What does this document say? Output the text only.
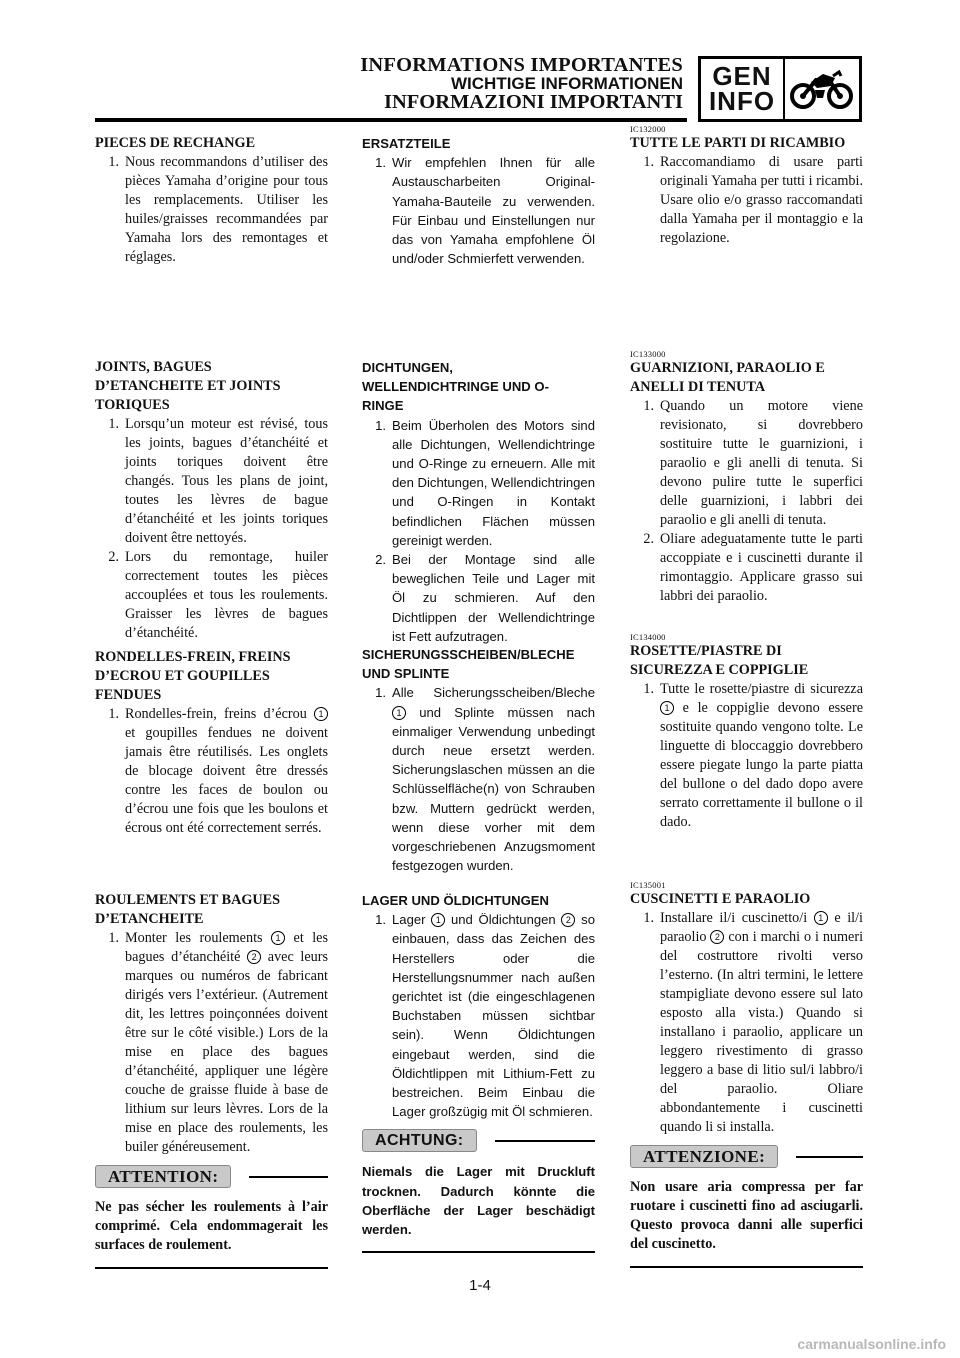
INFORMATIONS IMPORTANTES
WICHTIGE INFORMATIONEN
INFORMAZIONI IMPORTANTI
GEN
INFO
PIECES DE RECHANGE
1. Nous recommandons d’utiliser des pièces Yamaha d’origine pour tous les remplacements. Utiliser les huiles/graisses recommandées par Yamaha lors des remontages et réglages.
JOINTS, BAGUES
D’ETANCHEITE ET JOINTS
TORIQUES
1. Lorsqu’un moteur est révisé, tous les joints, bagues d’étanchéité et joints toriques doivent être changés. Tous les plans de joint, toutes les lèvres de bague d’étanchéité et les joints toriques doivent être nettoyés.
2. Lors du remontage, huiler correctement toutes les pièces accouplées et tous les roulements. Graisser les lèvres de bagues d’étanchéité.
RONDELLES-FREIN, FREINS
D’ECROU ET GOUPILLES
FENDUES
1. Rondelles-frein, freins d’écrou 1 et goupilles fendues ne doivent jamais être réutilisés. Les onglets de blocage doivent être dressés contre les faces de boulon ou d’écrou une fois que les boulons et écrous ont été correctement serrés.
ROULEMENTS ET BAGUES
D’ETANCHEITE
1. Monter les roulements 1 et les bagues d’étanchéité 2 avec leurs marques ou numéros de fabricant dirigés vers l’extérieur. (Autrement dit, les lettres poinçonnées doivent être sur le côté visible.) Lors de la mise en place des bagues d’étanchéité, appliquer une légère couche de graisse fluide à base de lithium sur leurs lèvres. Lors de la mise en place des roulements, les builer généreusement.
ATTENTION:
Ne pas sécher les roulements à l’air comprimé. Cela endommagerait les surfaces de roulement.
ERSATZTEILE
1. Wir empfehlen Ihnen für alle Austauscharbeiten Original-Yamaha-Bauteile zu verwenden. Für Einbau und Einstellungen nur das von Yamaha empfohlene Öl und/oder Schmierfett verwenden.
DICHTUNGEN,
WELLENDICHTRINGE UND O-
RINGE
1. Beim Überholen des Motors sind alle Dichtungen, Wellendichtringe und O-Ringe zu erneuern. Alle mit den Dichtungen, Wellendichtringen und O-Ringen in Kontakt befindlichen Flächen müssen gereinigt werden.
2. Bei der Montage sind alle beweglichen Teile und Lager mit Öl zu schmieren. Auf den Dichtlippen der Wellendichtringe ist Fett aufzutragen.
SICHERUNGSSCHEIBEN/BLECHE
UND SPLINTE
1. Alle Sicherungsscheiben/Bleche 1 und Splinte müssen nach einmaliger Verwendung unbedingt durch neue ersetzt werden. Sicherungslaschen müssen an die Schlüsselfläche(n) von Schrauben bzw. Muttern gedrückt werden, wenn diese vorher mit dem vorgeschriebenen Anzugsmoment festgezogen wurden.
LAGER UND ÖLDICHTUNGEN
1. Lager 1 und Öldichtungen 2 so einbauen, dass das Zeichen des Herstellers oder die Herstellungsnummer nach außen gerichtet ist (die eingeschlagenen Buchstaben müssen sichtbar sein). Wenn Öldichtungen eingebaut werden, sind die Öldichtlippen mit Lithium-Fett zu bestreichen. Beim Einbau die Lager großzügig mit Öl schmieren.
ACHTUNG:
Niemals die Lager mit Druckluft trocknen. Dadurch könnte die Oberfläche der Lager beschädigt werden.
IC132000
TUTTE LE PARTI DI RICAMBIO
1. Raccomandiamo di usare parti originali Yamaha per tutti i ricambi. Usare olio e/o grasso raccomandati dalla Yamaha per il montaggio e la regolazione.
IC133000
GUARNIZIONI, PARAOLIO E
ANELLI DI TENUTA
1. Quando un motore viene revisionato, si dovrebbero sostituire tutte le guarnizioni, i paraolio e gli anelli di tenuta. Si devono pulire tutte le superfici delle guarnizioni, i labbri dei paraolio e gli anelli di tenuta.
2. Oliare adeguatamente tutte le parti accoppiate e i cuscinetti durante il rimontaggio. Applicare grasso sui labbri dei paraolio.
IC134000
ROSETTE/PIASTRE DI
SICUREZZA E COPPIGLIE
1. Tutte le rosette/piastre di sicurezza 1 e le coppiglie devono essere sostituite quando vengono tolte. Le linguette di bloccaggio dovrebbero essere piegate lungo la parte piatta del bullone o del dado dopo avere serrato correttamente il bullone o il dado.
IC135001
CUSCINETTI E PARAOLIO
1. Installare il/i cuscinetto/i 1 e il/i paraolio 2 con i marchi o i numeri del costruttore rivolti verso l’esterno. (In altri termini, le lettere stampigliate devono essere sul lato esposto alla vista.) Quando si installano i paraolio, applicare un leggero rivestimento di grasso leggero a base di litio sul/i labbro/i del paraolio. Oliare abbondantemente i cuscinetti quando li si installa.
ATTENZIONE:
Non usare aria compressa per far ruotare i cuscinetti fino ad asciugarli. Questo provoca danni alle superfici del cuscinetto.
1-4
carmanualsonline.info
